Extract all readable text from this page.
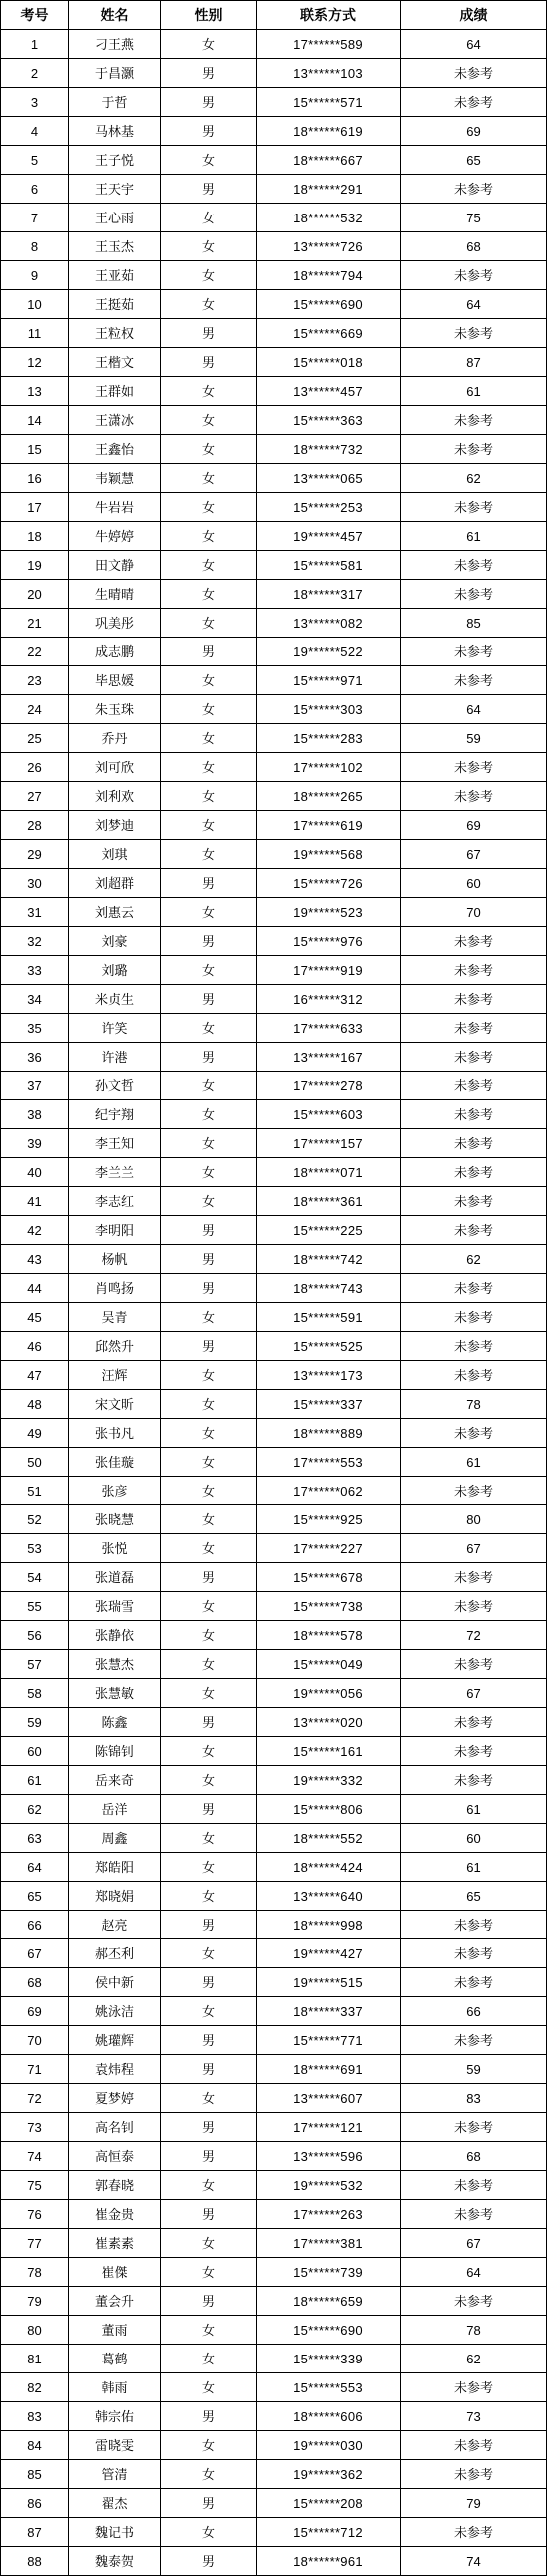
考号	姓名	性别	联系方式	成绩
1	刁王燕	女	17******589	64
2	于昌灏	男	13******103	未参考
3	于哲	男	15******571	未参考
4	马林基	男	18******619	69
5	王子悦	女	18******667	65
6	王天宇	男	18******291	未参考
7	王心雨	女	18******532	75
8	王玉杰	女	13******726	68
9	王亚茹	女	18******794	未参考
10	王挺茹	女	15******690	64
11	王粒权	男	15******669	未参考
12	王楷文	男	15******018	87
13	王群如	女	13******457	61
14	王潇冰	女	15******363	未参考
15	王鑫怡	女	18******732	未参考
16	韦颖慧	女	13******065	62
17	牛岩岩	女	15******253	未参考
18	牛婷婷	女	19******457	61
19	田文静	女	15******581	未参考
20	生晴晴	女	18******317	未参考
21	巩美彤	女	13******082	85
22	成志鹏	男	19******522	未参考
23	毕思媛	女	15******971	未参考
24	朱玉珠	女	15******303	64
25	乔丹	女	15******283	59
26	刘可欣	女	17******102	未参考
27	刘利欢	女	18******265	未参考
28	刘梦迪	女	17******619	69
29	刘琪	女	19******568	67
30	刘超群	男	15******726	60
31	刘惠云	女	19******523	70
32	刘豪	男	15******976	未参考
33	刘璐	女	17******919	未参考
34	米贞生	男	16******312	未参考
35	许笑	女	17******633	未参考
36	许港	男	13******167	未参考
37	孙文哲	女	17******278	未参考
38	纪宇翔	女	15******603	未参考
39	李王知	女	17******157	未参考
40	李兰兰	女	18******071	未参考
41	李志红	女	18******361	未参考
42	李明阳	男	15******225	未参考
43	杨帆	男	18******742	62
44	肖鸣扬	男	18******743	未参考
45	吴青	女	15******591	未参考
46	邱然升	男	15******525	未参考
47	汪辉	女	13******173	未参考
48	宋文昕	女	15******337	78
49	张书凡	女	18******889	未参考
50	张佳璇	女	17******553	61
51	张彦	女	17******062	未参考
52	张晓慧	女	15******925	80
53	张悦	女	17******227	67
54	张道磊	男	15******678	未参考
55	张瑞雪	女	15******738	未参考
56	张静依	女	18******578	72
57	张慧杰	女	15******049	未参考
58	张慧敏	女	19******056	67
59	陈鑫	男	13******020	未参考
60	陈锦钊	女	15******161	未参考
61	岳来奇	女	19******332	未参考
62	岳洋	男	15******806	61
63	周鑫	女	18******552	60
64	郑皓阳	女	18******424	61
65	郑晓娟	女	13******640	65
66	赵亮	男	18******998	未参考
67	郝丕利	女	19******427	未参考
68	侯中新	男	19******515	未参考
69	姚泳洁	女	18******337	66
70	姚瓘辉	男	15******771	未参考
71	袁炜程	男	18******691	59
72	夏梦婷	女	13******607	83
73	高名钊	男	17******121	未参考
74	高恒泰	男	13******596	68
75	郭春晓	女	19******532	未参考
76	崔金贵	男	17******263	未参考
77	崔素素	女	17******381	67
78	崔傑	女	15******739	64
79	董会升	男	18******659	未参考
80	董雨	女	15******690	78
81	葛鹤	女	15******339	62
82	韩雨	女	15******553	未参考
83	韩宗佑	男	18******606	73
84	雷晓雯	女	19******030	未参考
85	管清	女	19******362	未参考
86	翟杰	男	15******208	79
87	魏记书	女	15******712	未参考
88	魏泰贺	男	18******961	74
